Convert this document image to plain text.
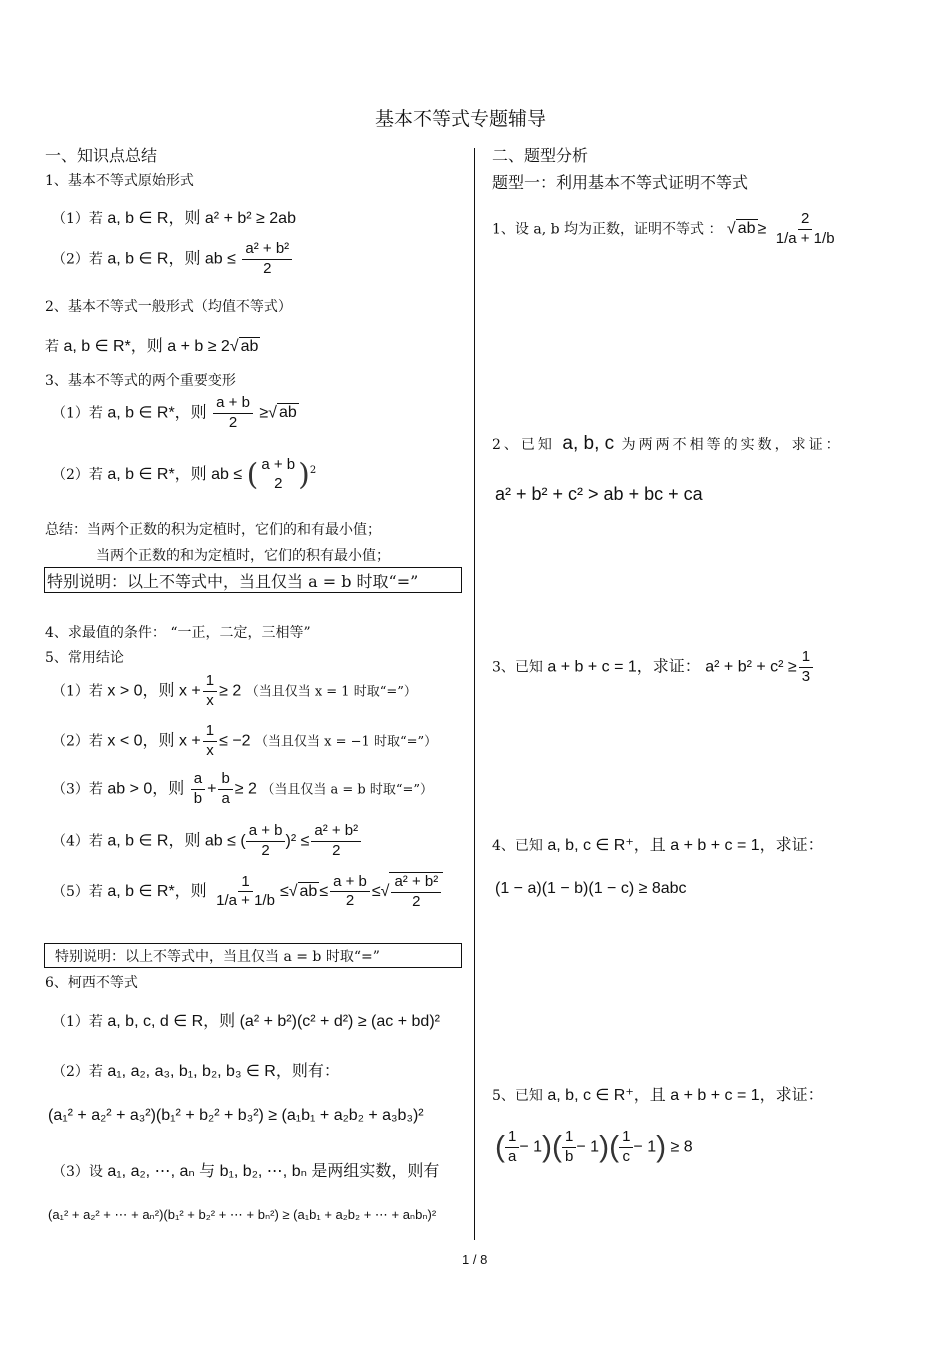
基本不等式专题辅导
一、知识点总结
1、基本不等式原始形式
（1）若 a, b ∈ R，则 a² + b² ≥ 2ab
（2）若 a, b ∈ R，则 ab ≤ $\frac{\text{a² + b²}}{2}$
2、基本不等式一般形式（均值不等式）
若 a, b ∈ R*，则 a + b ≥ 2√ ab
3、基本不等式的两个重要变形
（1）若 a, b ∈ R*，则 $\frac{a + b}{2}$ ≥√ ab
（2）若 a, b ∈ R*，则 ab ≤ ( a + b
2 )$^2$
总结：当两个正数的积为定植时，它们的和有最小值；
当两个正数的和为定植时，它们的积有最小值；
特别说明：以上不等式中，当且仅当 a = b 时取“=”
4、求最值的条件： “一正，二定，三相等”
5、常用结论
（1）若 x > 0，则 $x + \frac{1}{x} \ge 2$ （当且仅当 x = 1 时取“=”）
（2）若 x < 0，则 $x + \frac{1}{x} \le -2$ （当且仅当 x = −1 时取“=”）
（3）若 ab > 0，则 $\frac{a}{b} + \frac{b}{a} \ge 2$ （当且仅当 a = b 时取“=”）
（4）若 a, b ∈ R，则 ab ≤ ( $\frac{a + b}{2} )^2 \le \frac{\text{a² + b²}}{2}$
（5）若 a, b ∈ R*，则 $\frac{1}{1/a + 1/b}$ ≤√ ab ≤ $\frac{a + b}{2}$ ≤√ $\frac{\text{a² + b²}}{2}$
特别说明：以上不等式中，当且仅当 a = b 时取“=”
6、柯西不等式
（1）若 a, b, c, d ∈ R，则 (a² + b²)(c² + d²) ≥ (ac + bd)²
（2）若 a₁, a₂, a₃, b₁, b₂, b₃ ∈ R，则有：
(a₁² + a₂² + a₃²)(b₁² + b₂² + b₃²) ≥ (a₁b₁ + a₂b₂ + a₃b₃)²
（3）设 a₁, a₂, ⋯, aₙ 与 b₁, b₂, ⋯, bₙ 是两组实数，则有
(a₁² + a₂² + ⋯ + aₙ²)(b₁² + b₂² + ⋯ + bₙ²) ≥ (a₁b₁ + a₂b₂ + ⋯ + aₙbₙ)²
二、题型分析
题型一：利用基本不等式证明不等式
1、设 a, b 均为正数，证明不等式 ： √ ab ≥ $\frac{2}{1/a + 1/b}$
2、已知 a, b, c 为两两不相等的实数，求证：
a² + b² + c² > ab + bc + ca
3、已知 a + b + c = 1，求证： $a^2 + b^2 + c^2 \ge \frac{1}{3}$
4、已知 a, b, c ∈ R⁺，且 a + b + c = 1，求证：
(1 − a)(1 − b)(1 − c) ≥ 8abc
5、已知 a, b, c ∈ R⁺，且 a + b + c = 1，求证：
( $\frac{1}{a} - 1)( \frac{1}{b} - 1)( \frac{1}{c} - 1) \ge 8$
1 / 8
